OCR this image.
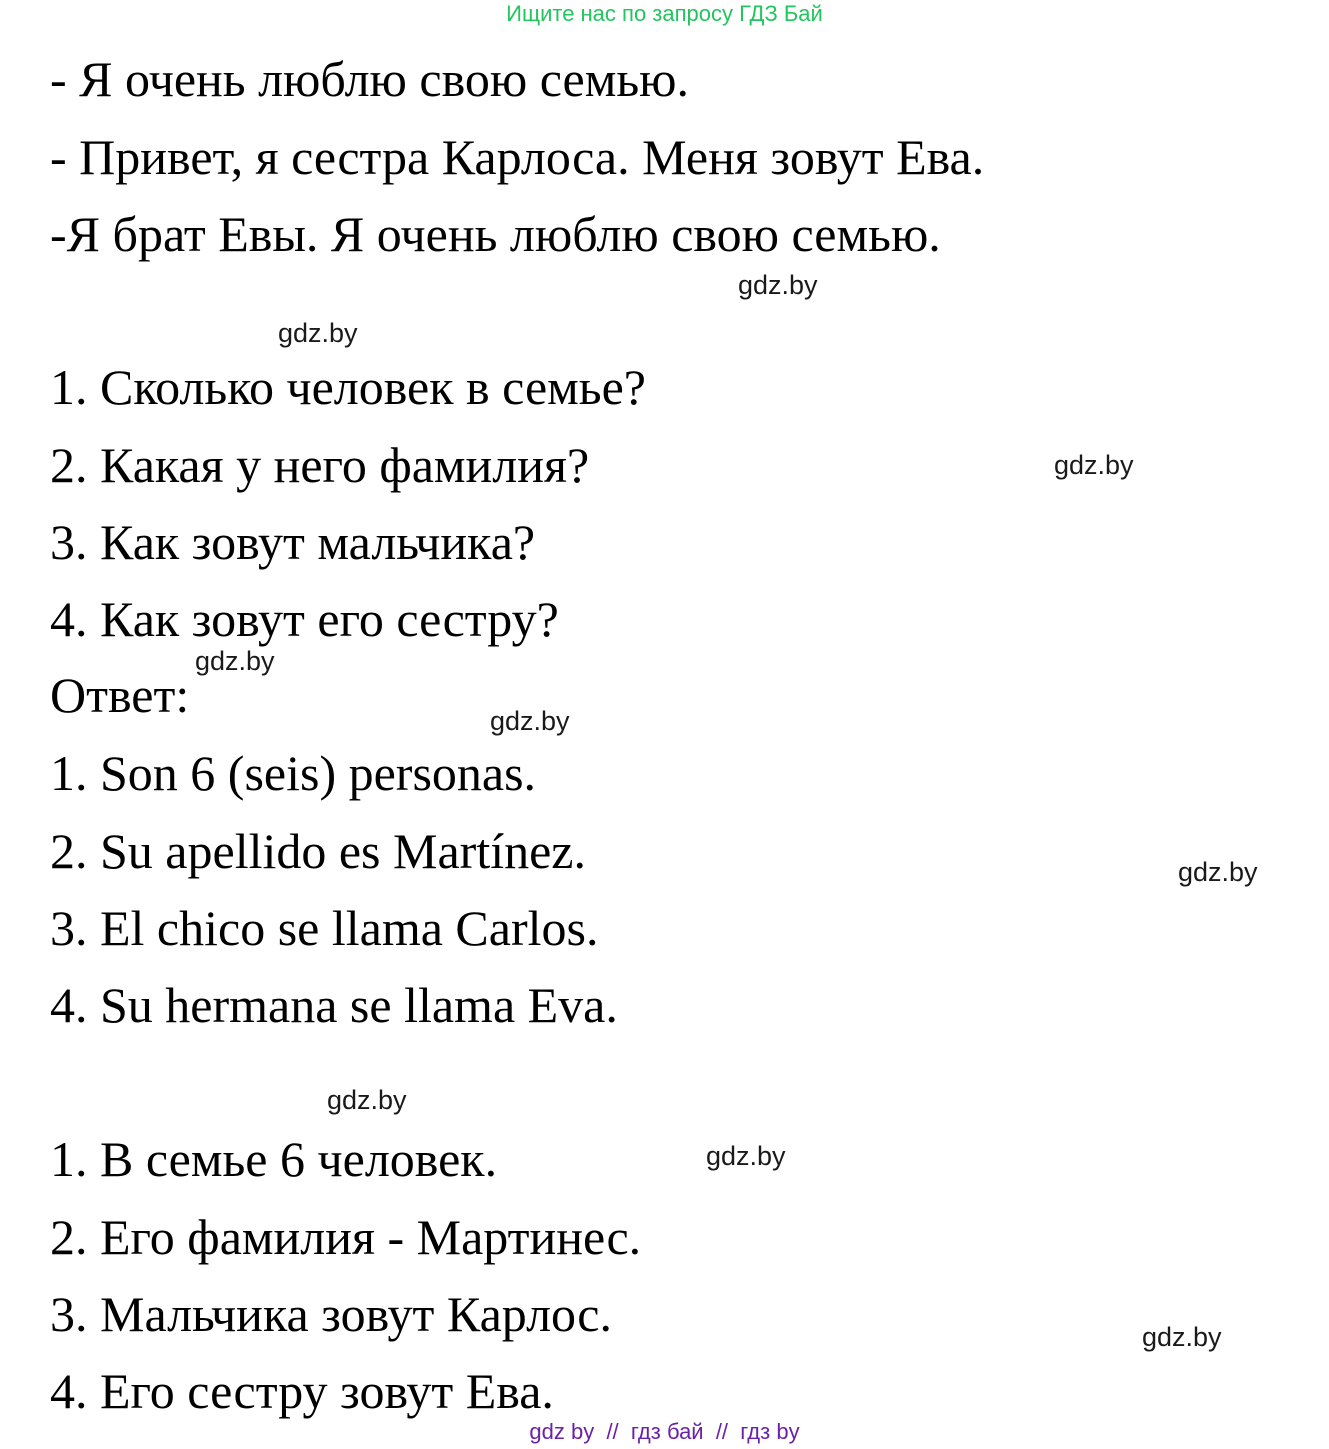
Ищите нас по запросу ГДЗ Бай
- Я очень люблю свою семью.
- Привет, я сестра Карлоса. Меня зовут Ева.
-Я брат Евы. Я очень люблю свою семью.
1. Сколько человек в семье?
2. Какая у него фамилия?
3. Как зовут мальчика?
4. Как зовут его сестру?
Ответ:
1. Son 6 (seis) personas.
2. Su apellido es Martínez.
3. El chico se llama Carlos.
4. Su hermana se llama Eva.
1. В семье 6 человек.
2. Его фамилия - Мартинес.
3. Мальчика зовут Карлос.
4. Его сестру зовут Ева.
gdz.by
gdz.by
gdz.by
gdz.by
gdz.by
gdz.by
gdz.by
gdz.by
gdz.by
gdz by  //  гдз бай  //  гдз by
